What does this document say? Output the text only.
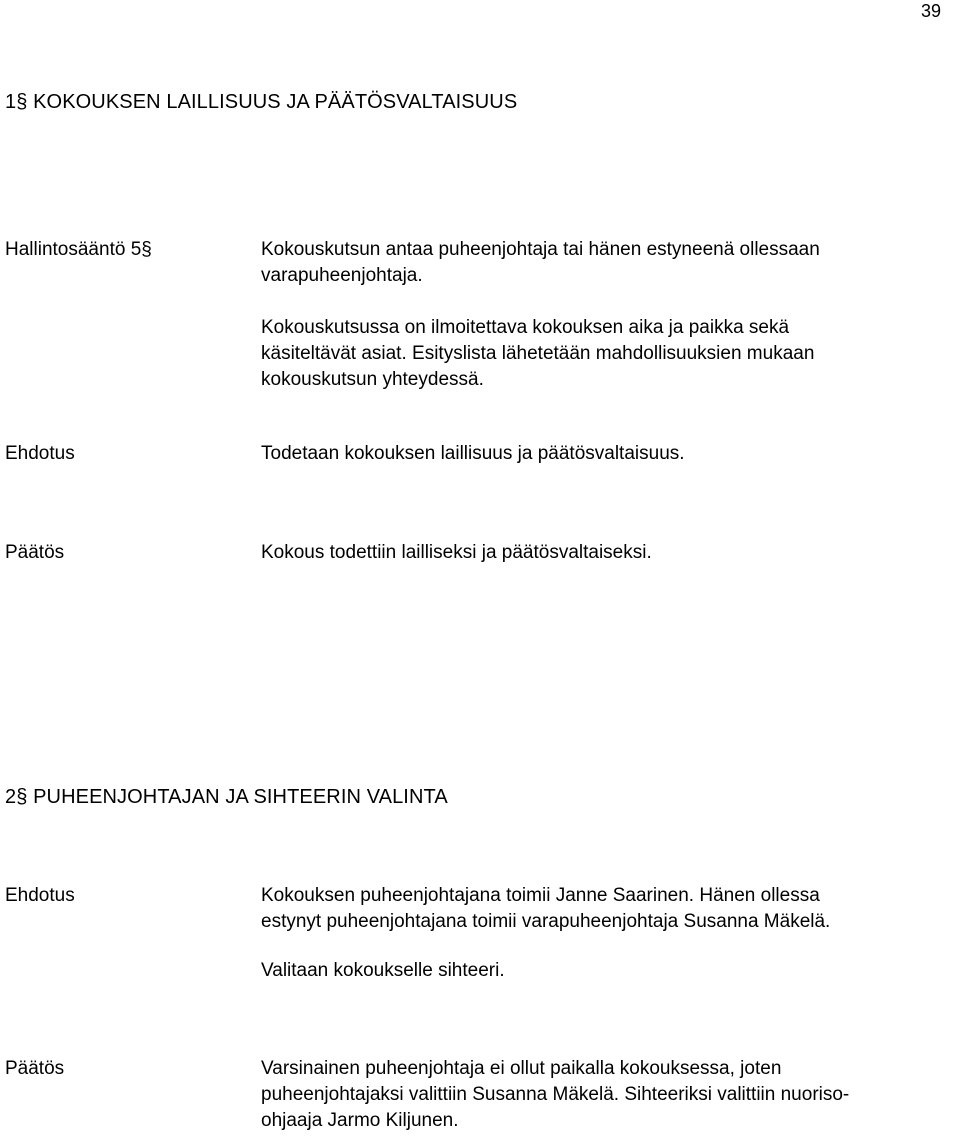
39
1§ KOKOUKSEN LAILLISUUS JA PÄÄTÖSVALTAISUUS
Hallintosääntö 5§	Kokouskutsun antaa puheenjohtaja tai hänen estyneenä ollessaan
varapuheenjohtaja.
Kokouskutsussa on ilmoitettava kokouksen aika ja paikka sekä
käsiteltävät asiat. Esityslista lähetetään mahdollisuuksien mukaan
kokouskutsun yhteydessä.
Ehdotus	Todetaan kokouksen laillisuus ja päätösvaltaisuus.
Päätös	Kokous todettiin lailliseksi ja päätösvaltaiseksi.
2§ PUHEENJOHTAJAN JA SIHTEERIN VALINTA
Ehdotus	Kokouksen puheenjohtajana toimii Janne Saarinen. Hänen ollessa
estynyt puheenjohtajana toimii varapuheenjohtaja Susanna Mäkelä.
Valitaan kokoukselle sihteeri.
Päätös	Varsinainen puheenjohtaja ei ollut paikalla kokouksessa, joten
puheenjohtajaksi valittiin Susanna Mäkelä. Sihteeriksi valittiin nuoriso-
ohjaaja Jarmo Kiljunen.
